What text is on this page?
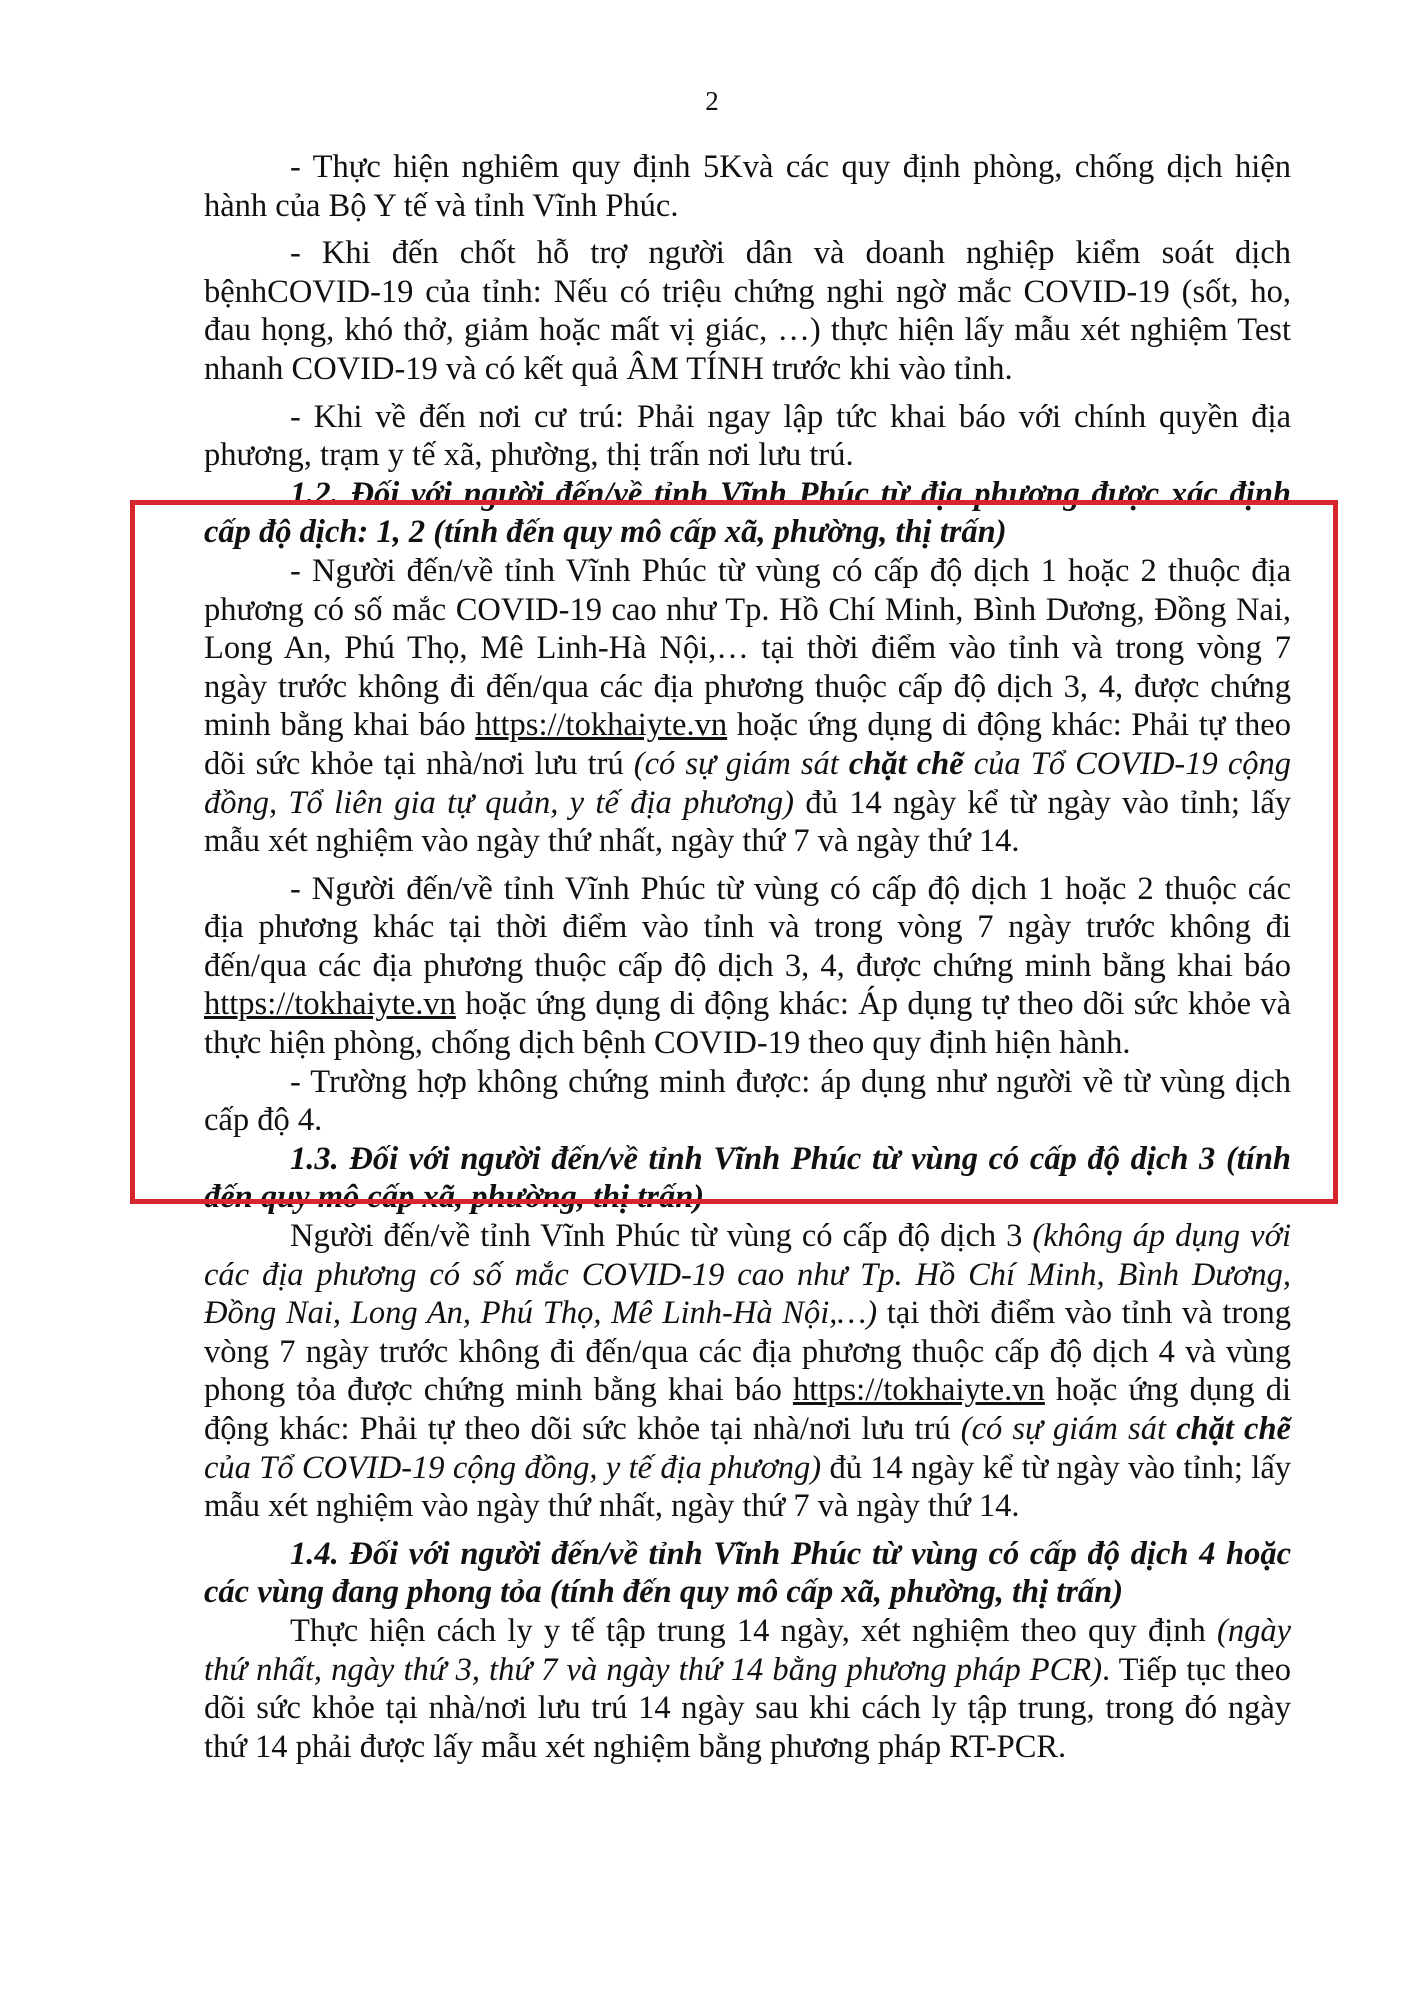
2

- Thực hiện nghiêm quy định 5Kvà các quy định phòng, chống dịch hiện hành của Bộ Y tế và tỉnh Vĩnh Phúc.

- Khi đến chốt hỗ trợ người dân và doanh nghiệp kiểm soát dịch bệnhCOVID-19 của tỉnh: Nếu có triệu chứng nghi ngờ mắc COVID-19 (sốt, ho, đau họng, khó thở, giảm hoặc mất vị giác, …) thực hiện lấy mẫu xét nghiệm Test nhanh COVID-19 và có kết quả ÂM TÍNH trước khi vào tỉnh.

- Khi về đến nơi cư trú: Phải ngay lập tức khai báo với chính quyền địa phương, trạm y tế xã, phường, thị trấn nơi lưu trú.

1.2. Đối với người đến/về tỉnh Vĩnh Phúc từ địa phương được xác định cấp độ dịch: 1, 2 (tính đến quy mô cấp xã, phường, thị trấn)

- Người đến/về tỉnh Vĩnh Phúc từ vùng có cấp độ dịch 1 hoặc 2 thuộc địa phương có số mắc COVID-19 cao như Tp. Hồ Chí Minh, Bình Dương, Đồng Nai, Long An, Phú Thọ, Mê Linh-Hà Nội,… tại thời điểm vào tỉnh và trong vòng 7 ngày trước không đi đến/qua các địa phương thuộc cấp độ dịch 3, 4, được chứng minh bằng khai báo https://tokhaiyte.vn hoặc ứng dụng di động khác: Phải tự theo dõi sức khỏe tại nhà/nơi lưu trú (có sự giám sát chặt chẽ của Tổ COVID-19 cộng đồng, Tổ liên gia tự quản, y tế địa phương) đủ 14 ngày kể từ ngày vào tỉnh; lấy mẫu xét nghiệm vào ngày thứ nhất, ngày thứ 7 và ngày thứ 14.

- Người đến/về tỉnh Vĩnh Phúc từ vùng có cấp độ dịch 1 hoặc 2 thuộc các địa phương khác tại thời điểm vào tỉnh và trong vòng 7 ngày trước không đi đến/qua các địa phương thuộc cấp độ dịch 3, 4, được chứng minh bằng khai báo https://tokhaiyte.vn hoặc ứng dụng di động khác: Áp dụng tự theo dõi sức khỏe và thực hiện phòng, chống dịch bệnh COVID-19 theo quy định hiện hành.

- Trường hợp không chứng minh được: áp dụng như người về từ vùng dịch cấp độ 4.

1.3. Đối với người đến/về tỉnh Vĩnh Phúc từ vùng có cấp độ dịch 3 (tính đến quy mô cấp xã, phường, thị trấn)

Người đến/về tỉnh Vĩnh Phúc từ vùng có cấp độ dịch 3 (không áp dụng với các địa phương có số mắc COVID-19 cao như Tp. Hồ Chí Minh, Bình Dương, Đồng Nai, Long An, Phú Thọ, Mê Linh-Hà Nội,…) tại thời điểm vào tỉnh và trong vòng 7 ngày trước không đi đến/qua các địa phương thuộc cấp độ dịch 4 và vùng phong tỏa được chứng minh bằng khai báo https://tokhaiyte.vn hoặc ứng dụng di động khác: Phải tự theo dõi sức khỏe tại nhà/nơi lưu trú (có sự giám sát chặt chẽ của Tổ COVID-19 cộng đồng, y tế địa phương) đủ 14 ngày kể từ ngày vào tỉnh; lấy mẫu xét nghiệm vào ngày thứ nhất, ngày thứ 7 và ngày thứ 14.

1.4. Đối với người đến/về tỉnh Vĩnh Phúc từ vùng có cấp độ dịch 4 hoặc các vùng đang phong tỏa (tính đến quy mô cấp xã, phường, thị trấn)

Thực hiện cách ly y tế tập trung 14 ngày, xét nghiệm theo quy định (ngày thứ nhất, ngày thứ 3, thứ 7 và ngày thứ 14 bằng phương pháp PCR). Tiếp tục theo dõi sức khỏe tại nhà/nơi lưu trú 14 ngày sau khi cách ly tập trung, trong đó ngày thứ 14 phải được lấy mẫu xét nghiệm bằng phương pháp RT-PCR.
